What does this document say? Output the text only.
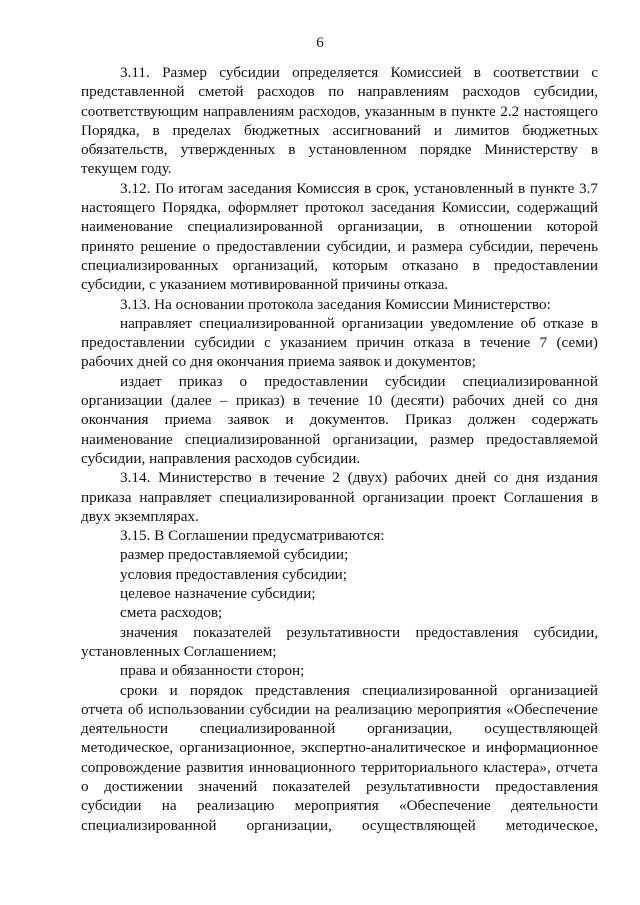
6

3.11. Размер субсидии определяется Комиссией в соответствии с представленной сметой расходов по направлениям расходов субсидии, соответствующим направлениям расходов, указанным в пункте 2.2 настоящего Порядка, в пределах бюджетных ассигнований и лимитов бюджетных обязательств, утвержденных в установленном порядке Министерству в текущем году.

3.12. По итогам заседания Комиссия в срок, установленный в пункте 3.7 настоящего Порядка, оформляет протокол заседания Комиссии, содержащий наименование специализированной организации, в отношении которой принято решение о предоставлении субсидии, и размера субсидии, перечень специализированных организаций, которым отказано в предоставлении субсидии, с указанием мотивированной причины отказа.

3.13. На основании протокола заседания Комиссии Министерство:

направляет специализированной организации уведомление об отказе в предоставлении субсидии с указанием причин отказа в течение 7 (семи) рабочих дней со дня окончания приема заявок и документов;

издает приказ о предоставлении субсидии специализированной организации (далее – приказ) в течение 10 (десяти) рабочих дней со дня окончания приема заявок и документов. Приказ должен содержать наименование специализированной организации, размер предоставляемой субсидии, направления расходов субсидии.

3.14. Министерство в течение 2 (двух) рабочих дней со дня издания приказа направляет специализированной организации проект Соглашения в двух экземплярах.

3.15. В Соглашении предусматриваются:

размер предоставляемой субсидии;

условия предоставления субсидии;

целевое назначение субсидии;

смета расходов;

значения показателей результативности предоставления субсидии, установленных Соглашением;

права и обязанности сторон;

сроки и порядок представления специализированной организацией отчета об использовании субсидии на реализацию мероприятия «Обеспечение деятельности специализированной организации, осуществляющей методическое, организационное, экспертно-аналитическое и информационное сопровождение развития инновационного территориального кластера», отчета о достижении значений показателей результативности предоставления субсидии на реализацию мероприятия «Обеспечение деятельности специализированной организации, осуществляющей методическое,
